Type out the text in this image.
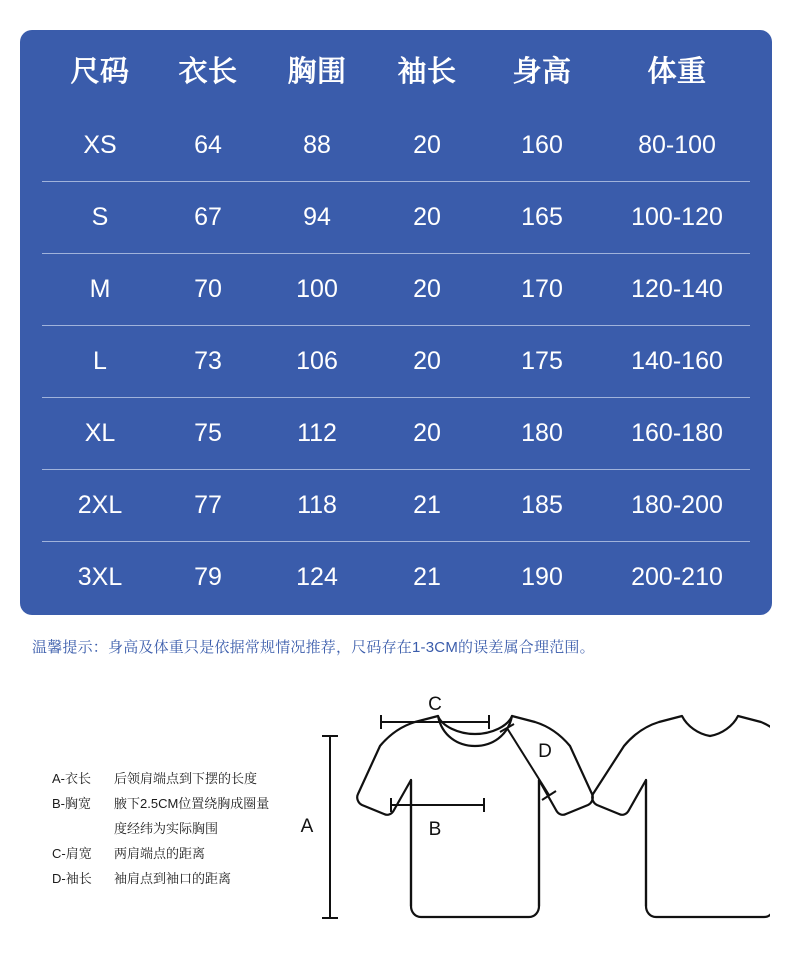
尺码	衣长	胸围	袖长	身高	体重
XS	64	88	20	160	80-100
S	67	94	20	165	100-120
M	70	100	20	170	120-140
L	73	106	20	175	140-160
XL	75	112	20	180	160-180
2XL	77	118	21	185	180-200
3XL	79	124	21	190	200-210
温馨提示：身高及体重只是依据常规情况推荐，尺码存在1-3CM的误差属合理范围。
A-衣长	后领肩端点到下摆的长度
B-胸宽	腋下2.5CM位置绕胸成圈量
度经纬为实际胸围
C-肩宽	两肩端点的距离
D-袖长	袖肩点到袖口的距离
A
C
B
D
